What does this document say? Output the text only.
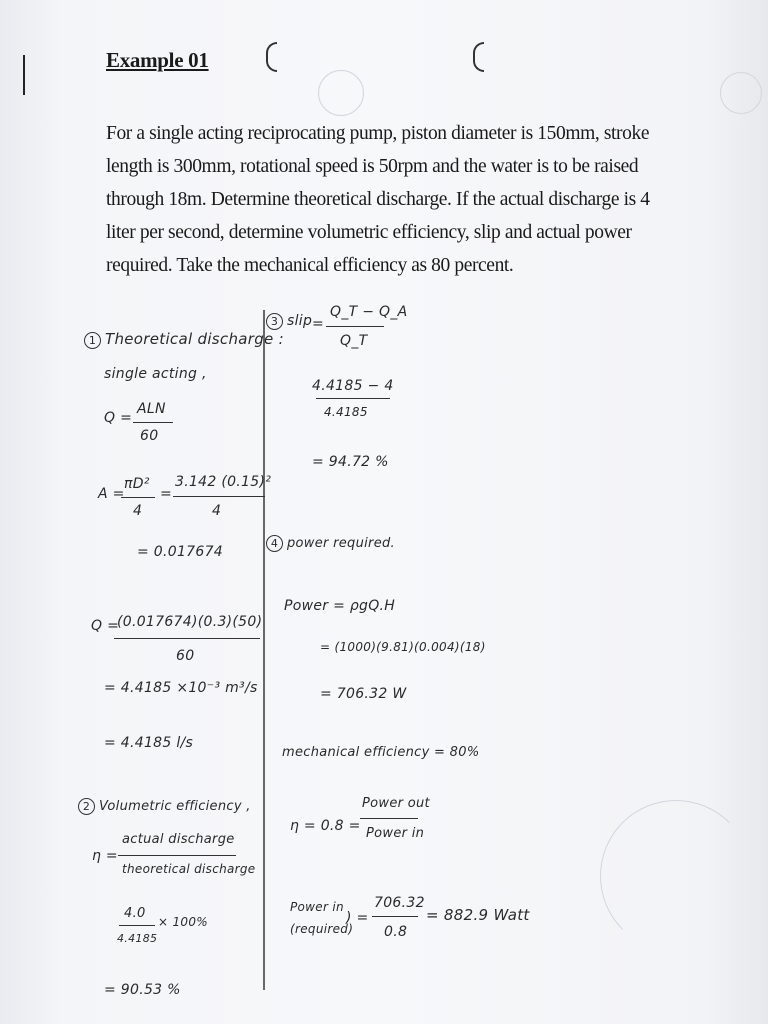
Example 01
For a single acting reciprocating pump, piston diameter is 150mm, stroke length is 300mm, rotational speed is 50rpm and the water is to be raised through 18m. Determine theoretical discharge. If the actual discharge is 4 liter per second, determine volumetric efficiency, slip and actual power required. Take the mechanical efficiency as 80 percent.
1 Theoretical discharge :
single acting ,
Q =
ALN
60
A =
πD²
4
=
3.142 (0.15)²
4
= 0.017674
Q =
(0.017674)(0.3)(50)
60
= 4.4185 ×10⁻³ m³/s
= 4.4185 l/s
2 Volumetric efficiency ,
η =
actual discharge
theoretical discharge
4.0
4.4185
× 100%
= 90.53 %
3 slip =
Q_T − Q_A
Q_T
4.4185 − 4
4.4185
= 94.72 %
4 power required.
Power = ρgQ.H
= (1000)(9.81)(0.004)(18)
= 706.32 W
mechanical efficiency = 80%
η = 0.8 =
Power out
Power in
Power in
(required)
) =
706.32
0.8
= 882.9 Watt
